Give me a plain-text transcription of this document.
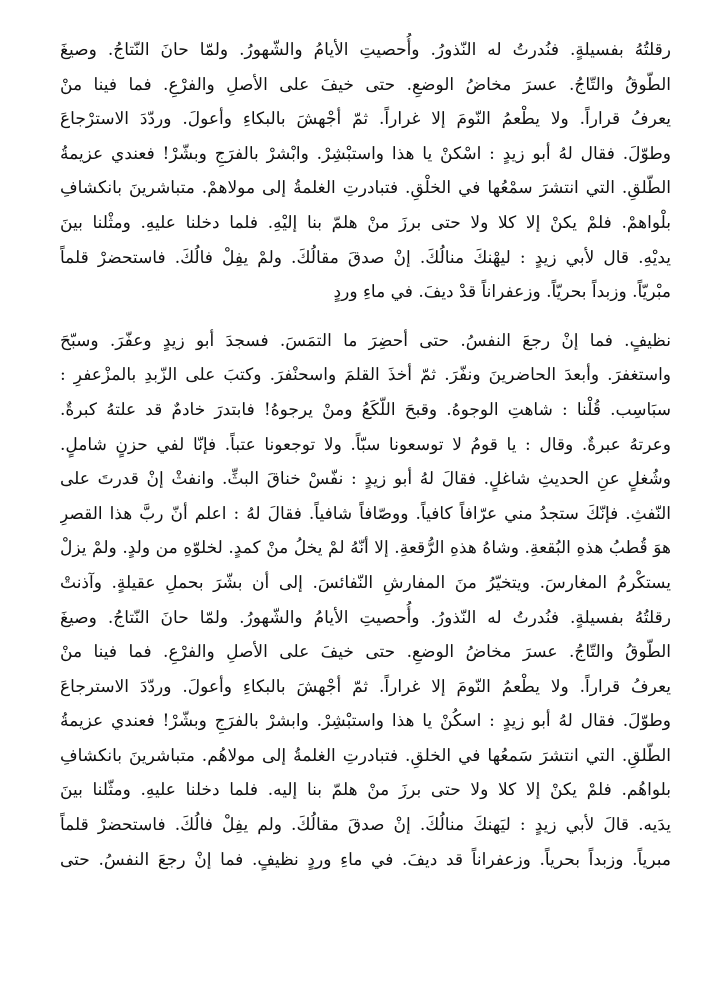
رقلتُهُ بفسيلةٍ. فنُدرتُ له النّذورُ. وأُحصيتِ الأيامُ والشّهورُ. ولمّا حانَ النّتاجُ. وصيغَ
الطّوقُ والتّاجُ. عسرَ مخاضُ الوضعِ. حتى خيفَ على الأصلِ والفرْعِ. فما فينا منْ
يعرفُ قراراً. ولا يطْعمُ النّومَ إلا غراراً. ثمّ أجْهشَ بالبكاءِ وأعولَ. وردّدَ الاسترْجاعَ
وطوّلَ. فقال لهُ أبو زيدٍ : اسْكنْ يا هذا واستبْشِرْ. وابْشرْ بالفرَجِ وبشّرْ! فعندي عزيمةُ
الطّلقِ. التي انتشرَ سمْعُها في الخلْقِ. فتبادرتِ الغلمةُ إلى مولاهمْ. متباشرينَ بانكشافِ
بلْواهمْ. فلمْ يكنْ إلا كلا ولا حتى برزَ منْ هلمّ بنا إليْهِ. فلما دخلنا عليهِ. ومثْلنا بينَ
يديْهِ. قال لأبي زيدٍ : ليهْنكَ منالُكَ. إنْ صدقَ مقالُكَ. ولمْ يفِلْ فالُكَ. فاستحضرْ قلماً
مبْريّاً. وزبداً بحريّاً. وزعفراناً قدْ ديفَ. في ماءِ وردٍ
نظيفٍ. فما إنْ رجعَ النفسُ. حتى أحضِرَ ما التمَسَ. فسجدَ أبو زيدٍ وعفّرَ. وسبّحَ
واستغفرَ. وأبعدَ الحاضرينَ ونفّرَ. ثمّ أخذَ القلمَ واسحنْفرَ. وكتبَ على الزّبدِ بالمزْعفرِ :
سبَاسِب. قُلْنا : شاهتِ الوجوهُ. وقبحَ اللّكَعُ ومنْ يرجوهُ! فابتدرَ خادمٌ قد علتهُ كبرةٌ.
وعرتهُ عبرةٌ. وقال : يا قومُ لا توسعونا سبّاً. ولا توجعونا عتباً. فإنّا لفي حزنٍ شاملٍ.
وشُغلٍ عنِ الحديثِ شاغلٍ. فقالَ لهُ أبو زيدٍ : نفّسْ خناقَ البثِّ. وانفثْ إنْ قدرتَ على
النّفثِ. فإنّكَ ستجدُ مني عرّافاً كافياً. ووصّافاً شافياً. فقالَ لهُ : اعلم أنّ ربَّ هذا القصرِ
هوَ قُطبُ هذهِ البُقعةِ. وشاهُ هذهِ الرُّقعةِ. إلا أنّهُ لمْ يخلُ منْ كمدٍ. لخلوّهِ من ولدٍ. ولمْ يزلْ
يستكْرمُ المغارسَ. ويتخيّرُ منَ المفارشِ النّفائسَ. إلى أن بشّرَ بحملِ عقيلةٍ. وآذنتْ
رقلتُهُ بفسيلةٍ. فنُدرتُ له النّذورُ. وأُحصيتِ الأيامُ والشّهورُ. ولمّا حانَ النّتاجُ. وصيغَ
الطّوقُ والتّاجُ. عسرَ مخاضُ الوضعِ. حتى خيفَ على الأصلِ والفرْعِ. فما فينا منْ
يعرفُ قراراً. ولا يطْعمُ النّومَ إلا غراراً. ثمّ أجْهشَ بالبكاءِ وأعولَ. وردّدَ الاسترجاعَ
وطوّلَ. فقال لهُ أبو زيدٍ : اسكُنْ يا هذا واستبْشِرْ. وابشرْ بالفرَجِ وبشّرْ! فعندي عزيمةُ
الطّلقِ. التي انتشرَ سَمعُها في الخلقِ. فتبادرتِ الغلمةُ إلى مولاهُم. متباشرينَ بانكشافِ
بلواهُم. فلمْ يكنْ إلا كلا ولا حتى برزَ منْ هلمّ بنا إليه. فلما دخلنا عليهِ. ومثّلنا بينَ
يدَيه. قالَ لأبي زيدٍ : ليَهنكَ منالُكَ. إنْ صدقَ مقالُكَ. ولم يفِلْ فالُكَ. فاستحضرْ قلماً
مبرياً. وزبداً بحرياً. وزعفراناً قد ديفَ. في ماءِ وردٍ نظيفٍ. فما إنْ رجعَ النفسُ. حتى
